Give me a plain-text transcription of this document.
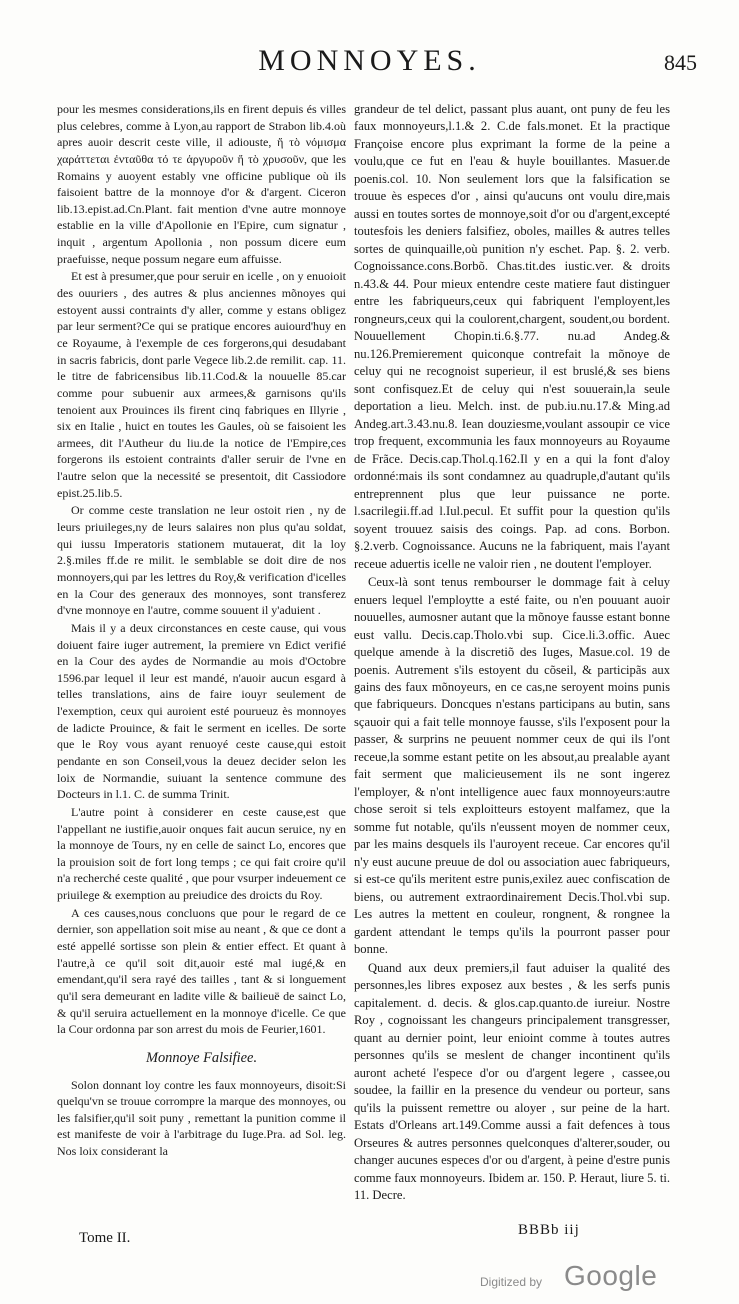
MONNOYES.	845

pour les mesmes considerations,ils en firent depuis és villes plus celebres, comme à Lyon,au rapport de Strabon lib.4.où apres auoir descrit ceste ville, il adiouste, ἤ τὸ νόμισμα χαράττεται ἐνταῦθα τό τε ἀργυροῦν ἤ τὸ χρυσοῦν, que les Romains y auoyent estably vne officine publique où ils faisoient battre de la monnoye d'or & d'argent. Ciceron lib.13.epist.ad.Cn.Plant. fait mention d'vne autre monnoye establie en la ville d'Apollonie en l'Epire, cum signatur , inquit , argentum Apollonia , non possum dicere eum praefuisse, neque possum negare eum affuisse.

Et est à presumer,que pour seruir en icelle , on y enuoioit des ouuriers , des autres & plus anciennes mõnoyes qui estoyent aussi contraints d'y aller, comme y estans obligez par leur serment?Ce qui se pratique encores auiourd'huy en ce Royaume, à l'exemple de ces forgerons,qui desudabant in sacris fabricis, dont parle Vegece lib.2.de remilit. cap. 11. le titre de fabricensibus lib.11.Cod.& la nouuelle 85.car comme pour subuenir aux armees,& garnisons qu'ils tenoient aux Prouinces ils firent cinq fabriques en Illyrie , six en Italie , huict en toutes les Gaules, où se faisoient les armees, dit l'Autheur du liu.de la notice de l'Empire,ces forgerons ils estoient contraints d'aller seruir de l'vne en l'autre selon que la necessité se presentoit, dit Cassiodore epist.25.lib.5.

Or comme ceste translation ne leur ostoit rien , ny de leurs priuileges,ny de leurs salaires non plus qu'au soldat, qui iussu Imperatoris stationem mutauerat, dit la loy 2.§.miles ff.de re milit. le semblable se doit dire de nos monnoyers,qui par les lettres du Roy,& verification d'icelles en la Cour des generaux des monnoyes, sont transferez d'vne monnoye en l'autre, comme souuent il y'aduient .

Mais il y a deux circonstances en ceste cause, qui vous doiuent faire iuger autrement, la premiere vn Edict verifié en la Cour des aydes de Normandie au mois d'Octobre 1596.par lequel il leur est mandé, n'auoir aucun esgard à telles translations, ains de faire iouyr seulement de l'exemption, ceux qui auroient esté pourueuz ès monnoyes de ladicte Prouince, & fait le serment en icelles. De sorte que le Roy vous ayant renuoyé ceste cause,qui estoit pendante en son Conseil,vous la deuez decider selon les loix de Normandie, suiuant la sentence commune des Docteurs in l.1. C. de summa Trinit.

L'autre point à considerer en ceste cause,est que l'appellant ne iustifie,auoir onques fait aucun seruice, ny en la monnoye de Tours, ny en celle de sainct Lo, encores que la prouision soit de fort long temps ; ce qui fait croire qu'il n'a recherché ceste qualité , que pour vsurper indeuement ce priuilege & exemption au preiudice des droicts du Roy.

A ces causes,nous concluons que pour le regard de ce dernier, son appellation soit mise au neant , & que ce dont a esté appellé sortisse son plein & entier effect. Et quant à l'autre,à ce qu'il soit dit,auoir esté mal iugé,& en emendant,qu'il sera rayé des tailles , tant & si longuement qu'il sera demeurant en ladite ville & bailieuë de sainct Lo, & qu'il seruira actuellement en la monnoye d'icelle. Ce que la Cour ordonna par son arrest du mois de Feurier,1601.

Monnoye Falsifiee.

Solon donnant loy contre les faux monnoyeurs, disoit:Si quelqu'vn se trouue corrompre la marque des monnoyes, ou les falsifier,qu'il soit puny , remettant la punition comme il est manifeste de voir à l'arbitrage du Iuge.Pra. ad Sol. leg. Nos loix considerant la

grandeur de tel delict, passant plus auant, ont puny de feu les faux monnoyeurs,l.1.& 2. C.de fals.monet. Et la practique Françoise encore plus exprimant la forme de la peine a voulu,que ce fut en l'eau & huyle bouillantes. Masuer.de poenis.col. 10. Non seulement lors que la falsification se trouue ès especes d'or , ainsi qu'aucuns ont voulu dire,mais aussi en toutes sortes de monnoye,soit d'or ou d'argent,excepté toutesfois les deniers falsifiez, oboles, mailles & autres telles sortes de quinquaille,où punition n'y eschet. Pap. §. 2. verb. Cognoissance.cons.Borbõ. Chas.tit.des iustic.ver. & droits n.43.& 44. Pour mieux entendre ceste matiere faut distinguer entre les fabriqueurs,ceux qui fabriquent l'employent,les rongneurs,ceux qui la coulorent,chargent, soudent,ou bordent. Nouuellement Chopin.ti.6.§.77. nu.ad Andeg.& nu.126.Premierement quiconque contrefait la mõnoye de celuy qui ne recognoist superieur, il est bruslé,& ses biens sont confisquez.Et de celuy qui n'est souuerain,la seule deportation a lieu. Melch. inst. de pub.iu.nu.17.& Ming.ad Andeg.art.3.43.nu.8. Iean douziesme,voulant assoupir ce vice trop frequent, excommunia les faux monnoyeurs au Royaume de Frãce. Decis.cap.Thol.q.162.Il y en a qui la font d'aloy ordonné:mais ils sont condamnez au quadruple,d'autant qu'ils entreprennent plus que leur puissance ne porte. l.sacrilegii.ff.ad l.Iul.pecul. Et suffit pour la question qu'ils soyent trouuez saisis des coings. Pap. ad cons. Borbon. §.2.verb. Cognoissance. Aucuns ne la fabriquent, mais l'ayant receue aduertis icelle ne valoir rien , ne doutent l'employer.

Ceux-là sont tenus rembourser le dommage fait à celuy enuers lequel l'employtte a esté faite, ou n'en pouuant auoir nouuelles, aumosner autant que la mõnoye fausse estant bonne eust vallu. Decis.cap.Tholo.vbi sup. Cice.li.3.offic. Auec quelque amende à la discretiõ des Iuges, Masue.col. 19 de poenis. Autrement s'ils estoyent du cõseil, & participãs aux gains des faux mõnoyeurs, en ce cas,ne seroyent moins punis que fabriqueurs. Doncques n'estans participans au butin, sans sçauoir qui a fait telle monnoye fausse, s'ils l'exposent pour la passer, & surprins ne peuuent nommer ceux de qui ils l'ont receue,la somme estant petite on les absout,au prealable ayant fait serment que malicieusement ils ne sont ingerez l'employer, & n'ont intelligence auec faux monnoyeurs:autre chose seroit si tels exploitteurs estoyent malfamez, que la somme fut notable, qu'ils n'eussent moyen de nommer ceux, par les mains desquels ils l'auroyent receue. Car encores qu'il n'y eust aucune preuue de dol ou association auec fabriqueurs, si est-ce qu'ils meritent estre punis,exilez auec confiscation de biens, ou autrement extraordinairement Decis.Thol.vbi sup. Les autres la mettent en couleur, rongnent, & rongnee la gardent attendant le temps qu'ils la pourront passer pour bonne.

Quand aux deux premiers,il faut aduiser la qualité des personnes,les libres exposez aux bestes , & les serfs punis capitalement. d. decis. & glos.cap.quanto.de iureiur. Nostre Roy , cognoissant les changeurs principalement transgresser, quant au dernier point, leur enioint comme à toutes autres personnes qu'ils se meslent de changer incontinent qu'ils auront acheté l'espece d'or ou d'argent legere , cassee,ou soudee, la faillir en la presence du vendeur ou porteur, sans qu'ils la puissent remettre ou aloyer , sur peine de la hart. Estats d'Orleans art.149.Comme aussi a fait defences à tous Orseures & autres personnes quelconques d'alterer,souder, ou changer aucunes especes d'or ou d'argent, à peine d'estre punis comme faux monnoyeurs. Ibidem ar. 150. P. Heraut, liure 5. ti. 11. Decre.

Tome II.	BBBb iij
Digitized by Google
